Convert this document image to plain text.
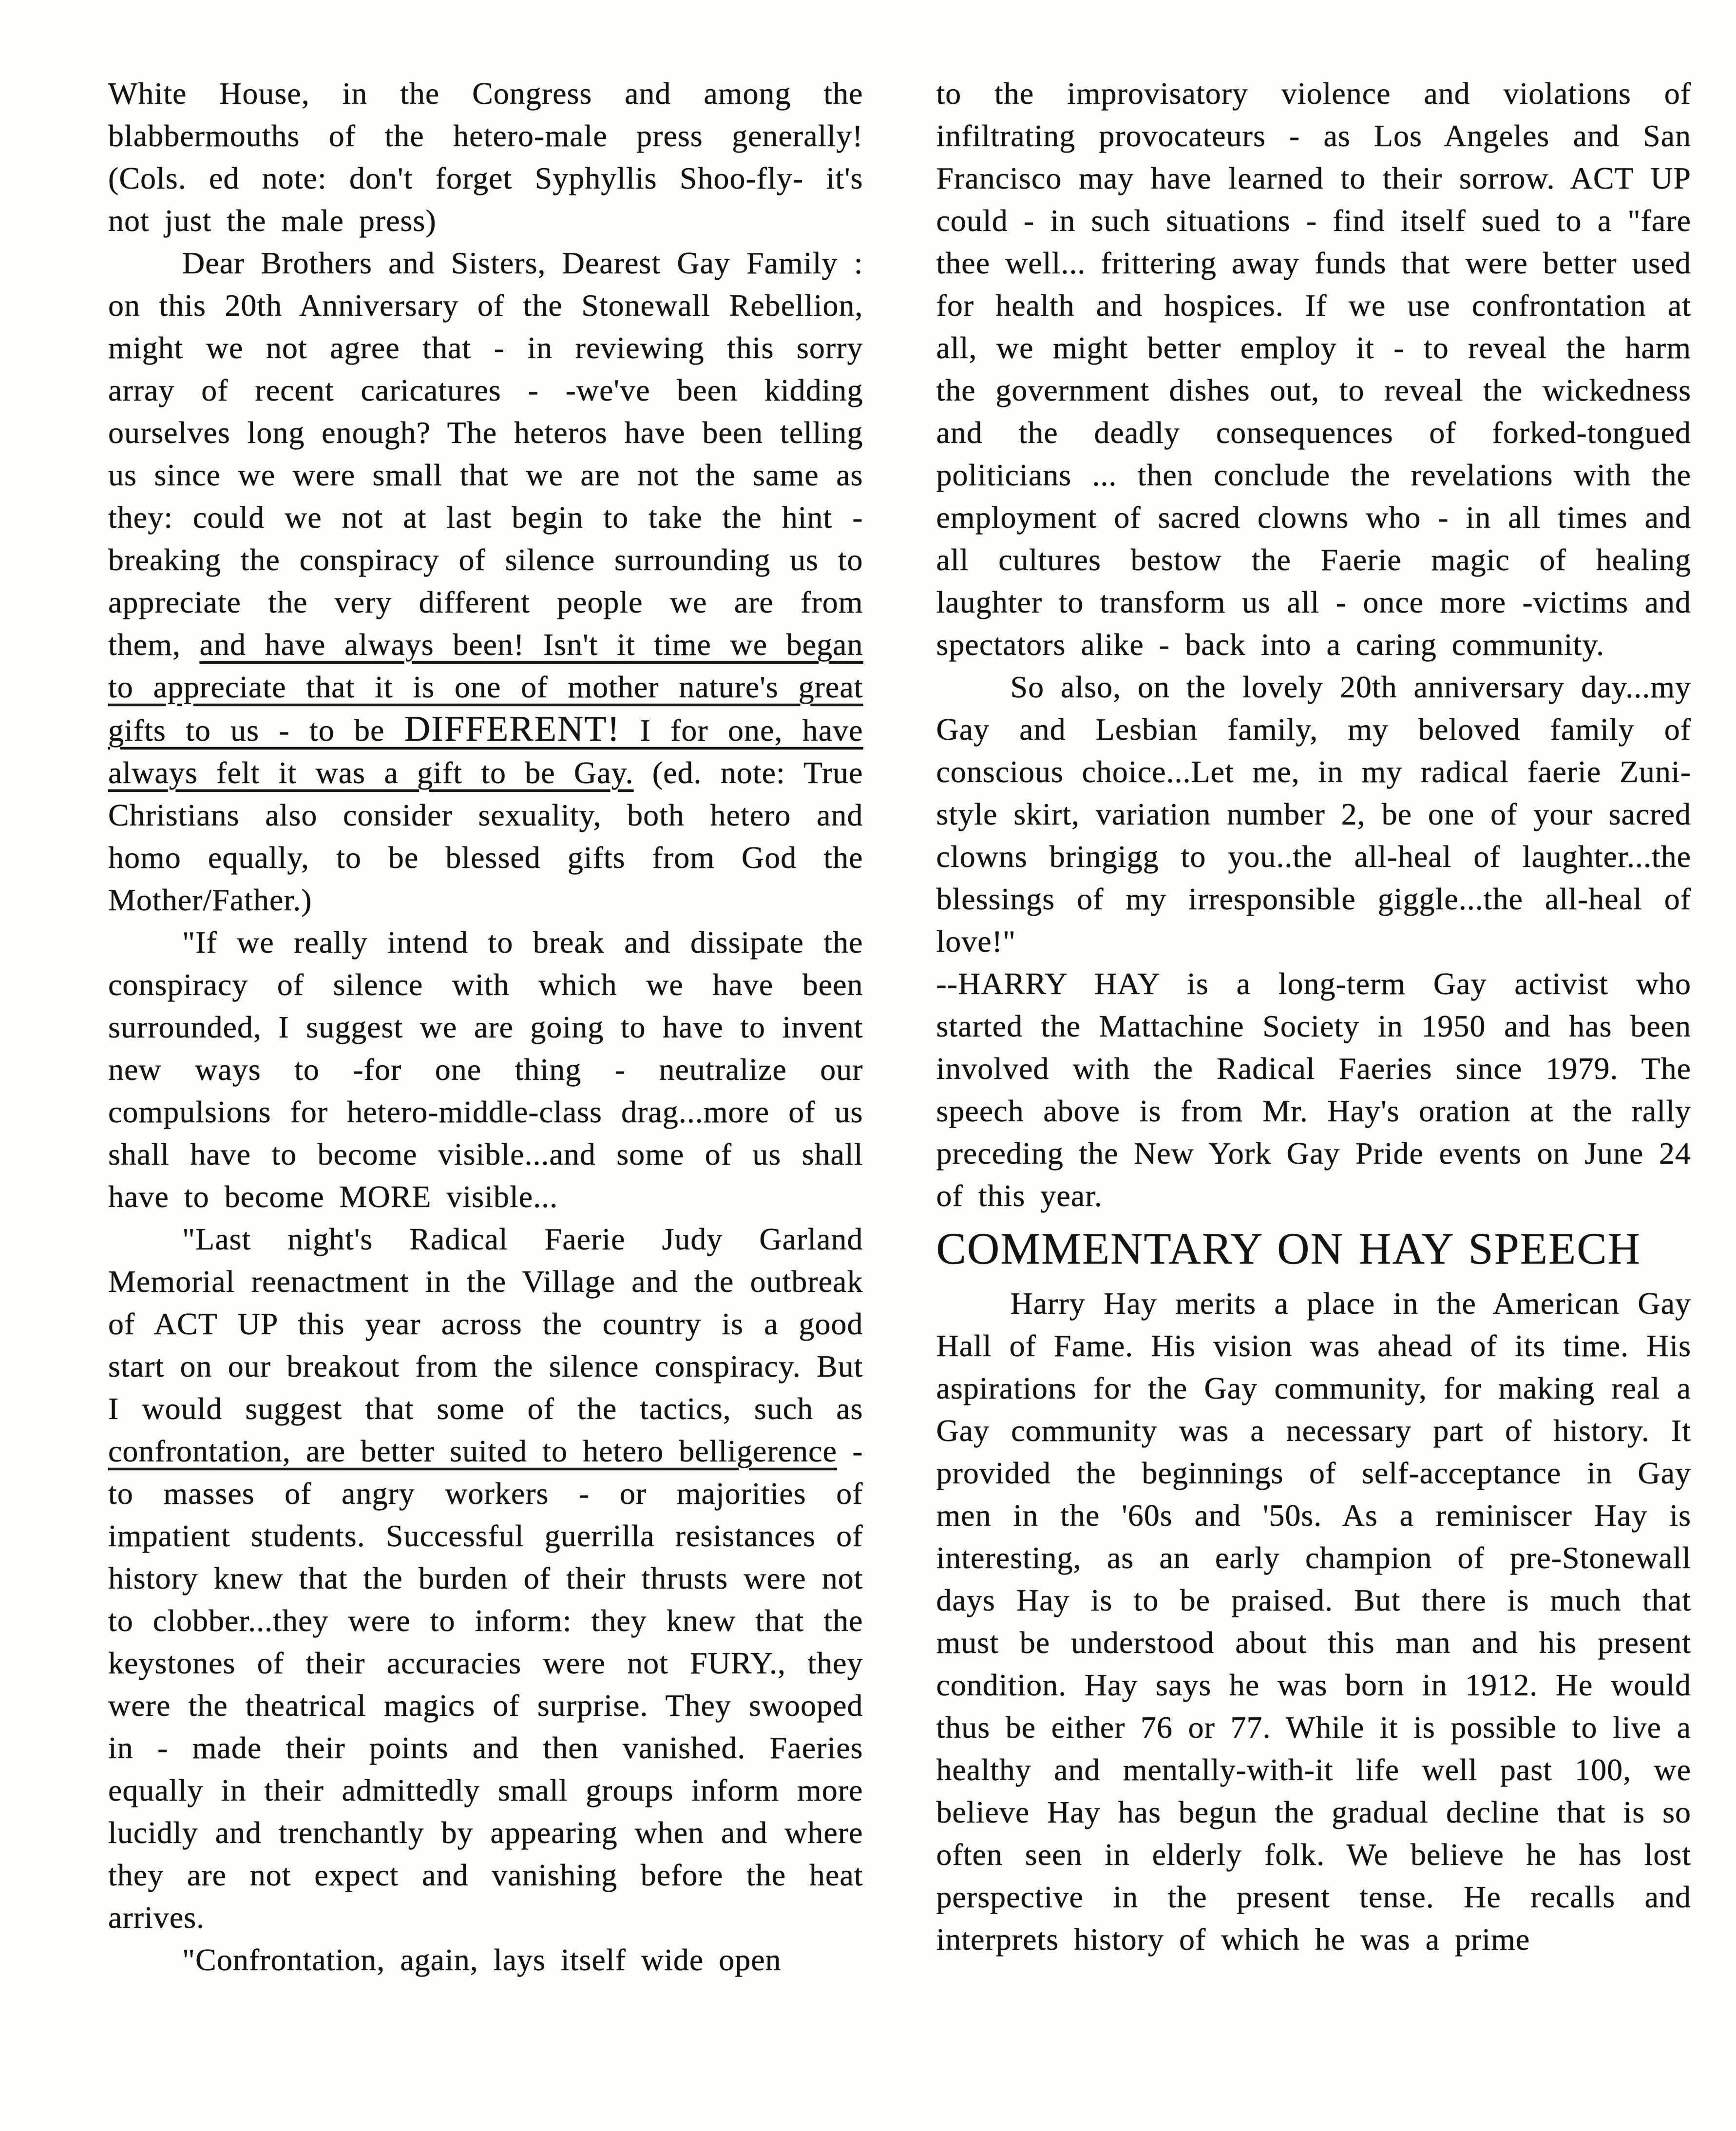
White House, in the Congress and among the blabbermouths of the hetero-male press generally! (Cols. ed note: don't forget Syphyllis Shoo-fly- it's not just the male press)

Dear Brothers and Sisters, Dearest Gay Family : on this 20th Anniversary of the Stonewall Rebellion, might we not agree that - in reviewing this sorry array of recent caricatures - -we've been kidding ourselves long enough? The heteros have been telling us since we were small that we are not the same as they: could we not at last begin to take the hint - breaking the conspiracy of silence surrounding us to appreciate the very different people we are from them, and have always been! Isn't it time we began to appreciate that it is one of mother nature's great gifts to us - to be DIFFERENT! I for one, have always felt it was a gift to be Gay. (ed. note: True Christians also consider sexuality, both hetero and homo equally, to be blessed gifts from God the Mother/Father.)

"If we really intend to break and dissipate the conspiracy of silence with which we have been surrounded, I suggest we are going to have to invent new ways to -for one thing - neutralize our compulsions for hetero-middle-class drag...more of us shall have to become visible...and some of us shall have to become MORE visible...

"Last night's Radical Faerie Judy Garland Memorial reenactment in the Village and the outbreak of ACT UP this year across the country is a good start on our breakout from the silence conspiracy. But I would suggest that some of the tactics, such as confrontation, are better suited to hetero belligerence - to masses of angry workers - or majorities of impatient students. Successful guerrilla resistances of history knew that the burden of their thrusts were not to clobber...they were to inform: they knew that the keystones of their accuracies were not FURY., they were the theatrical magics of surprise. They swooped in - made their points and then vanished. Faeries equally in their admittedly small groups inform more lucidly and trenchantly by appearing when and where they are not expect and vanishing before the heat arrives.

"Confrontation, again, lays itself wide open

to the improvisatory violence and violations of infiltrating provocateurs - as Los Angeles and San Francisco may have learned to their sorrow. ACT UP could - in such situations - find itself sued to a "fare thee well... frittering away funds that were better used for health and hospices. If we use confrontation at all, we might better employ it - to reveal the harm the government dishes out, to reveal the wickedness and the deadly consequences of forked-tongued politicians ... then conclude the revelations with the employment of sacred clowns who - in all times and all cultures bestow the Faerie magic of healing laughter to transform us all - once more -victims and spectators alike - back into a caring community.

So also, on the lovely 20th anniversary day...my Gay and Lesbian family, my beloved family of conscious choice...Let me, in my radical faerie Zuni-style skirt, variation number 2, be one of your sacred clowns bringigg to you..the all-heal of laughter...the blessings of my irresponsible giggle...the all-heal of love!"

--HARRY HAY is a long-term Gay activist who started the Mattachine Society in 1950 and has been involved with the Radical Faeries since 1979. The speech above is from Mr. Hay's oration at the rally preceding the New York Gay Pride events on June 24 of this year.

COMMENTARY ON HAY SPEECH

Harry Hay merits a place in the American Gay Hall of Fame. His vision was ahead of its time. His aspirations for the Gay community, for making real a Gay community was a necessary part of history. It provided the beginnings of self-acceptance in Gay men in the '60s and '50s. As a reminiscer Hay is interesting, as an early champion of pre-Stonewall days Hay is to be praised. But there is much that must be understood about this man and his present condition. Hay says he was born in 1912. He would thus be either 76 or 77. While it is possible to live a healthy and mentally-with-it life well past 100, we believe Hay has begun the gradual decline that is so often seen in elderly folk. We believe he has lost perspective in the present tense. He recalls and interprets history of which he was a prime
